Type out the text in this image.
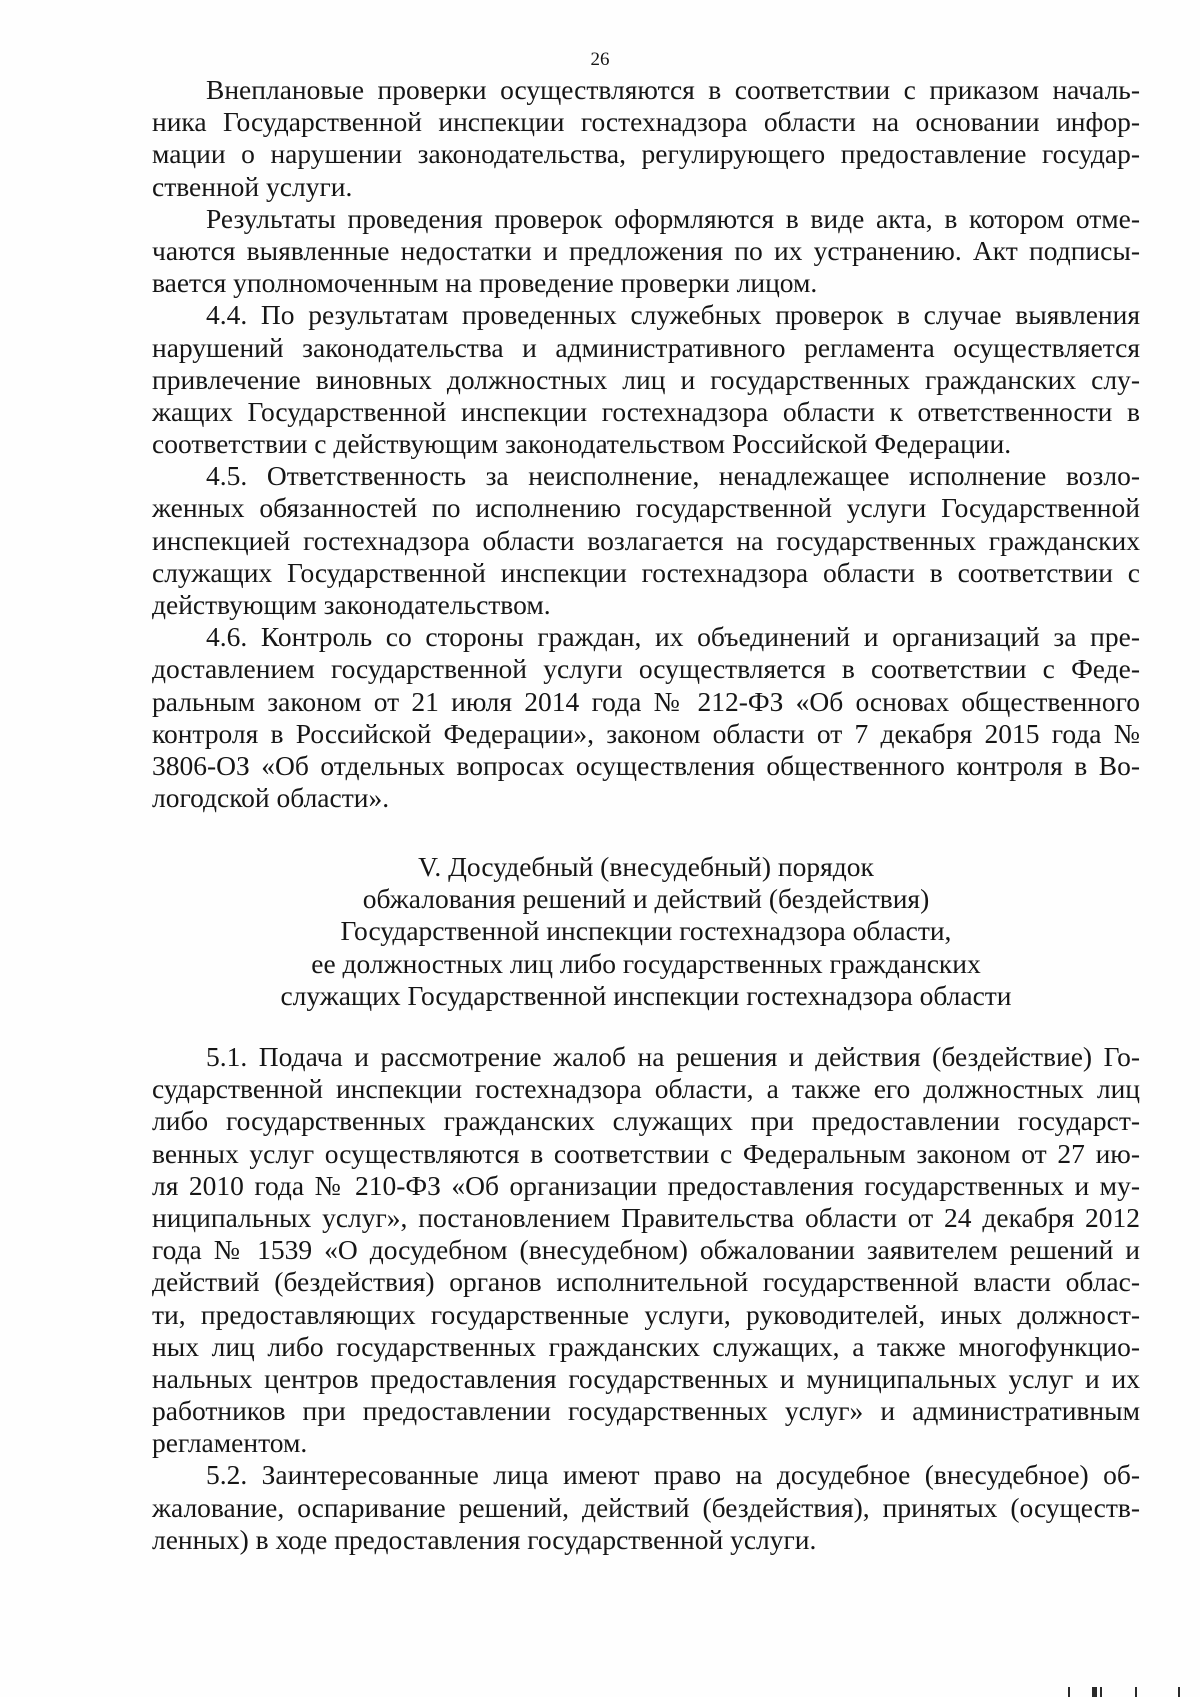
26
Внеплановые проверки осуществляются в соответствии с приказом началь-
ника Государственной инспекции гостехнадзора области на основании инфор-
мации о нарушении законодательства, регулирующего предоставление государ-
ственной услуги.
Результаты проведения проверок оформляются в виде акта, в котором отме-
чаются выявленные недостатки и предложения по их устранению. Акт подписы-
вается уполномоченным на проведение проверки лицом.
4.4. По результатам проведенных служебных проверок в случае выявления
нарушений законодательства и административного регламента осуществляется
привлечение виновных должностных лиц и государственных гражданских слу-
жащих Государственной инспекции гостехнадзора области к ответственности в
соответствии с действующим законодательством Российской Федерации.
4.5. Ответственность за неисполнение, ненадлежащее исполнение возло-
женных обязанностей по исполнению государственной услуги Государственной
инспекцией гостехнадзора области возлагается на государственных гражданских
служащих Государственной инспекции гостехнадзора области в соответствии с
действующим законодательством.
4.6. Контроль со стороны граждан, их объединений и организаций за пре-
доставлением государственной услуги осуществляется в соответствии с Феде-
ральным законом от 21 июля 2014 года № 212-ФЗ «Об основах общественного
контроля в Российской Федерации», законом области от 7 декабря 2015 года №
3806-ОЗ «Об отдельных вопросах осуществления общественного контроля в Во-
логодской области».
V. Досудебный (внесудебный) порядок
обжалования решений и действий (бездействия)
Государственной инспекции гостехнадзора области,
ее должностных лиц либо государственных гражданских
служащих Государственной инспекции гостехнадзора области
5.1. Подача и рассмотрение жалоб на решения и действия (бездействие) Го-
сударственной инспекции гостехнадзора области, а также его должностных лиц
либо государственных гражданских служащих при предоставлении государст-
венных услуг осуществляются в соответствии с Федеральным законом от 27 ию-
ля 2010 года № 210-ФЗ «Об организации предоставления государственных и му-
ниципальных услуг», постановлением Правительства области от 24 декабря 2012
года № 1539 «О досудебном (внесудебном) обжаловании заявителем решений и
действий (бездействия) органов исполнительной государственной власти облас-
ти, предоставляющих государственные услуги, руководителей, иных должност-
ных лиц либо государственных гражданских служащих, а также многофункцио-
нальных центров предоставления государственных и муниципальных услуг и их
работников при предоставлении государственных услуг» и административным
регламентом.
5.2. Заинтересованные лица имеют право на досудебное (внесудебное) об-
жалование, оспаривание решений, действий (бездействия), принятых (осуществ-
ленных) в ходе предоставления государственной услуги.
